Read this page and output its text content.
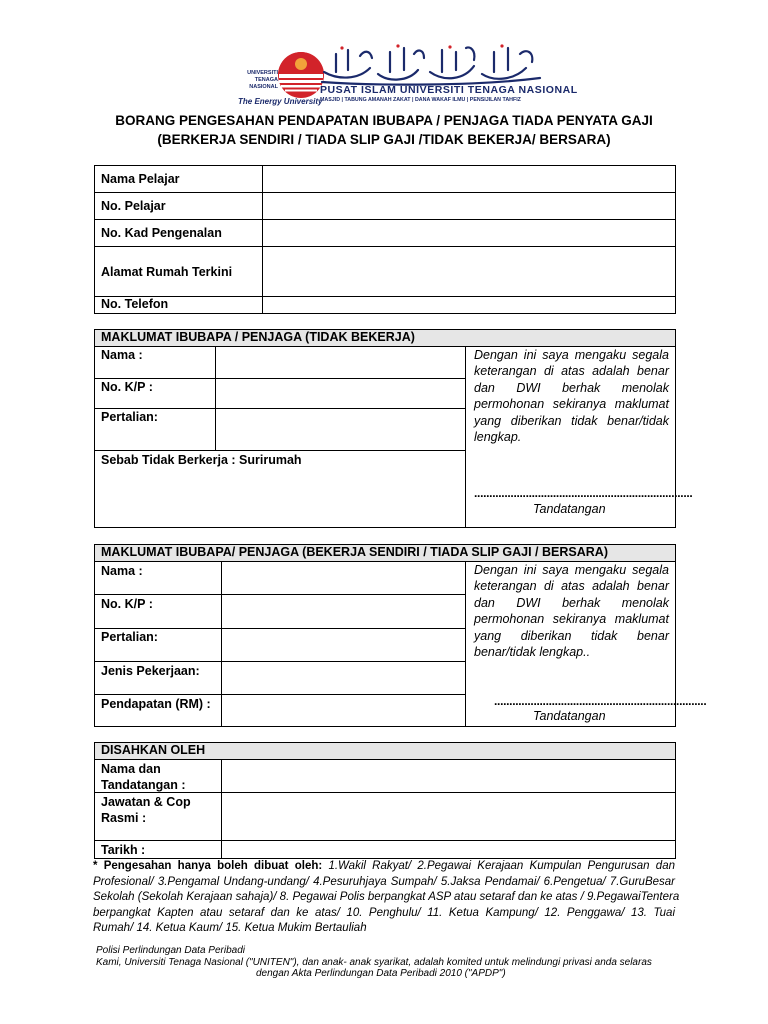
UNIVERSITI
TENAGA
NASIONAL
The Energy University
PUSAT ISLAM UNIVERSITI TENAGA NASIONAL
MASJID | TABUNG AMANAH ZAKAT | DANA WAKAF ILMU | PENSIJILAN TAHFIZ
BORANG PENGESAHAN PENDAPATAN IBUBAPA / PENJAGA TIADA PENYATA GAJI
(BERKERJA SENDIRI / TIADA SLIP GAJI /TIDAK BEKERJA/ BERSARA)
Nama Pelajar
No. Pelajar
No. Kad Pengenalan
Alamat Rumah Terkini
No. Telefon
MAKLUMAT IBUBAPA / PENJAGA (TIDAK BEKERJA)
Nama :
No. K/P :
Pertalian:
Sebab Tidak Berkerja : Surirumah
Dengan ini saya mengaku segala
keterangan di atas adalah benar
dan DWI berhak menolak
permohonan sekiranya maklumat
yang diberikan tidak benar/tidak
lengkap.
........................................................................
Tandatangan
MAKLUMAT IBUBAPA/ PENJAGA (BEKERJA SENDIRI / TIADA SLIP GAJI / BERSARA)
Nama :
No. K/P :
Pertalian:
Jenis Pekerjaan:
Pendapatan (RM) :
Dengan ini saya mengaku segala
keterangan di atas adalah benar
dan DWI berhak menolak
permohonan sekiranya maklumat
yang diberikan tidak benar
benar/tidak lengkap..
......................................................................
Tandatangan
DISAHKAN OLEH
Nama dan
Tandatangan :
Jawatan & Cop
Rasmi :
Tarikh :
* Pengesahan hanya boleh dibuat oleh: 1.Wakil Rakyat/ 2.Pegawai Kerajaan Kumpulan Pengurusan dan
Profesional/ 3.Pengamal Undang-undang/ 4.Pesuruhjaya Sumpah/ 5.Jaksa Pendamai/ 6.Pengetua/ 7.GuruBesar
Sekolah (Sekolah Kerajaan sahaja)/ 8. Pegawai Polis berpangkat ASP atau setaraf dan ke atas / 9.PegawaiTentera
berpangkat Kapten atau setaraf dan ke atas/ 10. Penghulu/ 11. Ketua Kampung/ 12. Penggawa/ 13. Tuai
Rumah/ 14. Ketua Kaum/ 15. Ketua Mukim Bertauliah
Polisi Perlindungan Data Peribadi
Kami, Universiti Tenaga Nasional ("UNITEN"), dan anak- anak syarikat, adalah komited untuk melindungi privasi anda selaras
dengan Akta Perlindungan Data Peribadi 2010 ("APDP")
